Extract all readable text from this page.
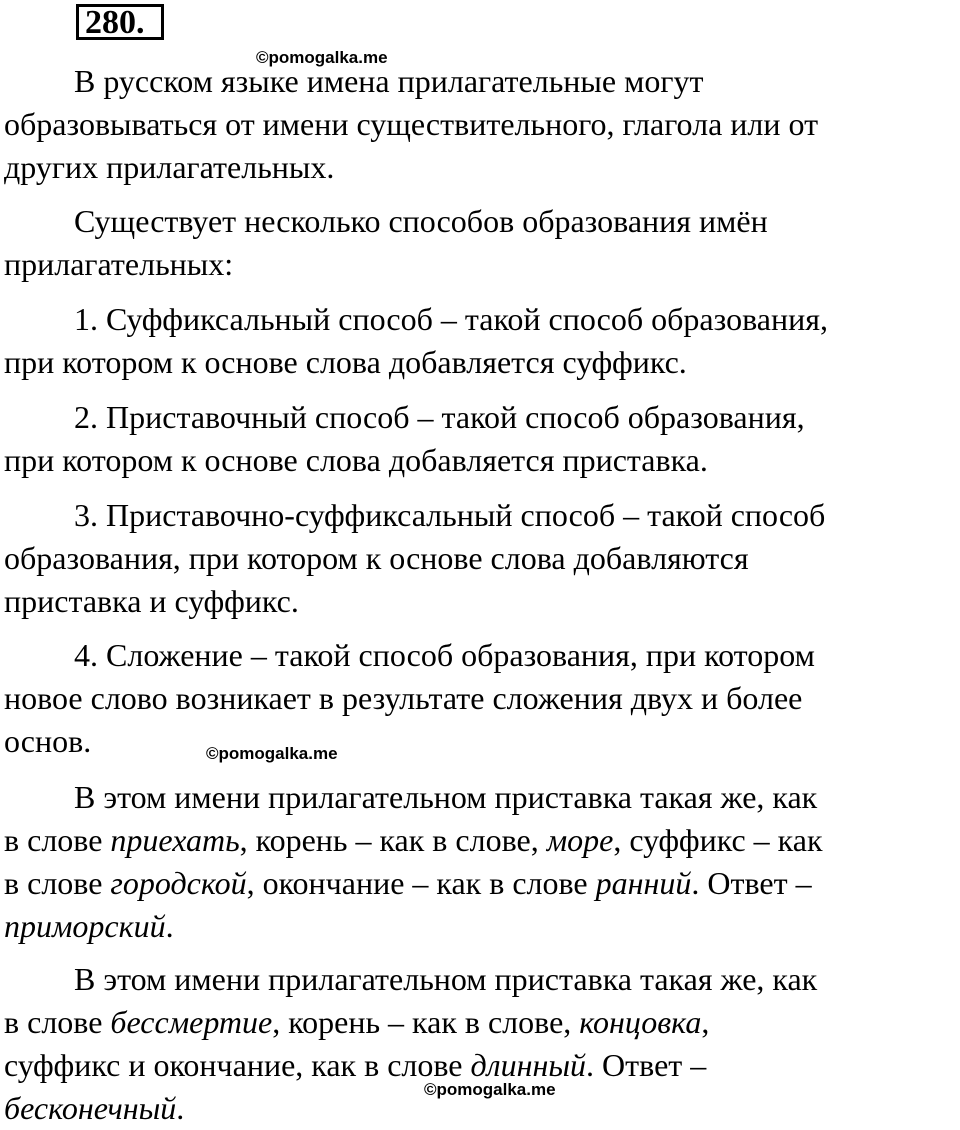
280.
©pomogalka.me

В русском языке имена прилагательные могут
образовываться от имени существительного, глагола или от
других прилагательных.

Существует несколько способов образования имён
прилагательных:

1. Суффиксальный способ – такой способ образования,
при котором к основе слова добавляется суффикс.

2. Приставочный способ – такой способ образования,
при котором к основе слова добавляется приставка.

3. Приставочно-суффиксальный способ – такой способ
образования, при котором к основе слова добавляются
приставка и суффикс.

4. Сложение – такой способ образования, при котором
новое слово возникает в результате сложения двух и более
основ.	©pomogalka.me

В этом имени прилагательном приставка такая же, как
в слове приехать, корень – как в слове, море, суффикс – как
в слове городской, окончание – как в слове ранний. Ответ –
приморский.

В этом имени прилагательном приставка такая же, как
в слове бессмертие, корень – как в слове, концовка,
суффикс и окончание, как в слове длинный. Ответ –
бесконечный.

©pomogalka.me
